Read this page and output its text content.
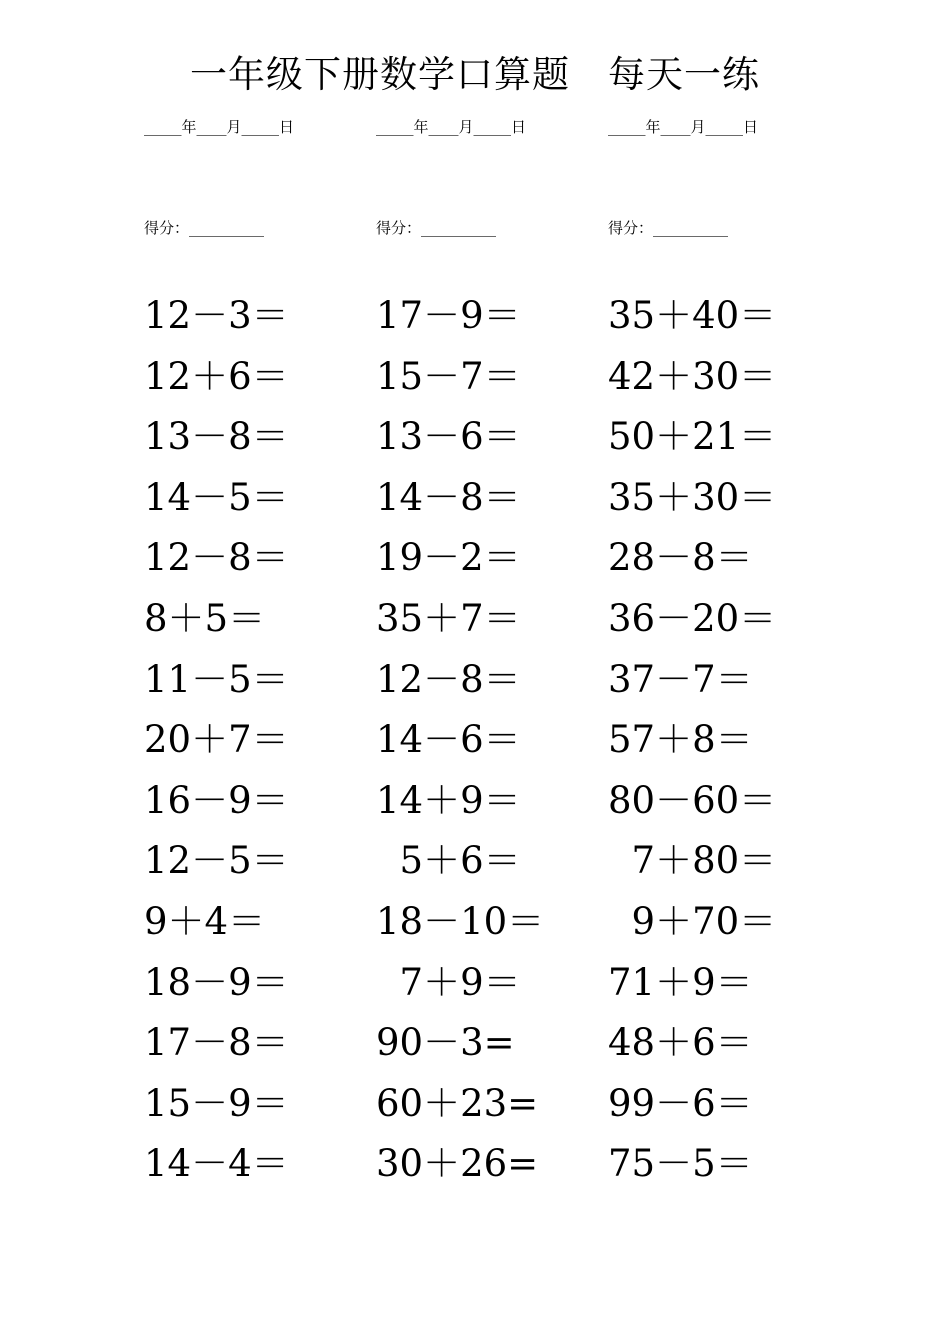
一年级下册数学口算题　每天一练
_____年____月_____日	_____年____月_____日	_____年____月_____日
得分：__________	得分：__________	得分：__________
12－3＝
12＋6＝
13－8＝
14－5＝
12－8＝
8＋5＝
11－5＝
20＋7＝
16－9＝
12－5＝
9＋4＝
18－9＝
17－8＝
15－9＝
14－4＝
17－9＝
15－7＝
13－6＝
14－8＝
19－2＝
35＋7＝
12－8＝
14－6＝
14＋9＝
5＋6＝
18－10＝
7＋9＝
90－3=
60＋23=
30＋26=
35＋40＝
42＋30＝
50＋21＝
35＋30＝
28－8＝
36－20＝
37－7＝
57＋8＝
80－60＝
7＋80＝
9＋70＝
71＋9＝
48＋6＝
99－6＝
75－5＝
